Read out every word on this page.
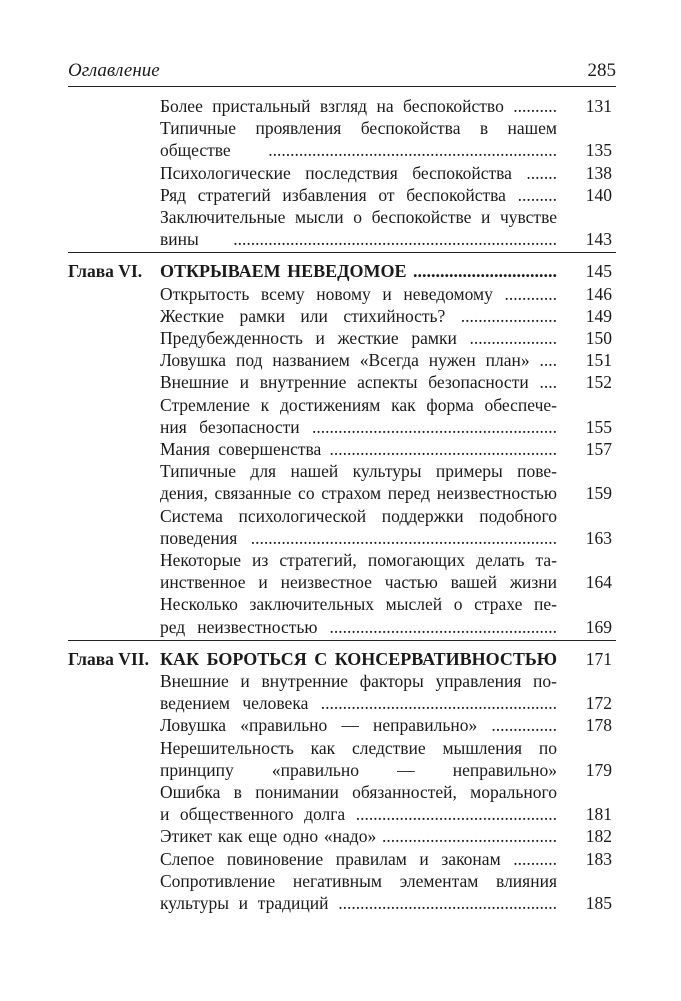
Оглавление	285
Более пристальный взгляд на беспокойство ..........	131
Типичные проявления беспокойства в нашем
обществе ..................................................................	135
Психологические последствия беспокойства .......	138
Ряд стратегий избавления от беспокойства .........	140
Заключительные мысли о беспокойстве и чувстве
вины ..........................................................................	143
Глава VI. ОТКРЫВАЕМ НЕВЕДОМОЕ ................................	145
Открытость всему новому и неведомому ............	146
Жесткие рамки или стихийность? ......................	149
Предубежденность и жесткие рамки ....................	150
Ловушка под названием «Всегда нужен план» ....	151
Внешние и внутренние аспекты безопасности ....	152
Стремление к достижениям как форма обеспече-
ния безопасности ........................................................	155
Мания совершенства ....................................................	157
Типичные для нашей культуры примеры пове-
дения, связанные со страхом перед неизвестностью	159
Система психологической поддержки подобного
поведения ......................................................................	163
Некоторые из стратегий, помогающих делать та-
инственное и неизвестное частью вашей жизни	164
Несколько заключительных мыслей о страхе пе-
ред неизвестностью ....................................................	169
Глава VII. КАК БОРОТЬСЯ С КОНСЕРВАТИВНОСТЬЮ	171
Внешние и внутренние факторы управления по-
ведением человека ......................................................	172
Ловушка «правильно — неправильно» ...............	178
Нерешительность как следствие мышления по
принципу «правильно — неправильно»	179
Ошибка в понимании обязанностей, морального
и общественного долга ..............................................	181
Этикет как еще одно «надо» ........................................	182
Слепое повиновение правилам и законам ..........	183
Сопротивление негативным элементам влияния
культуры и традиций ..................................................	185
